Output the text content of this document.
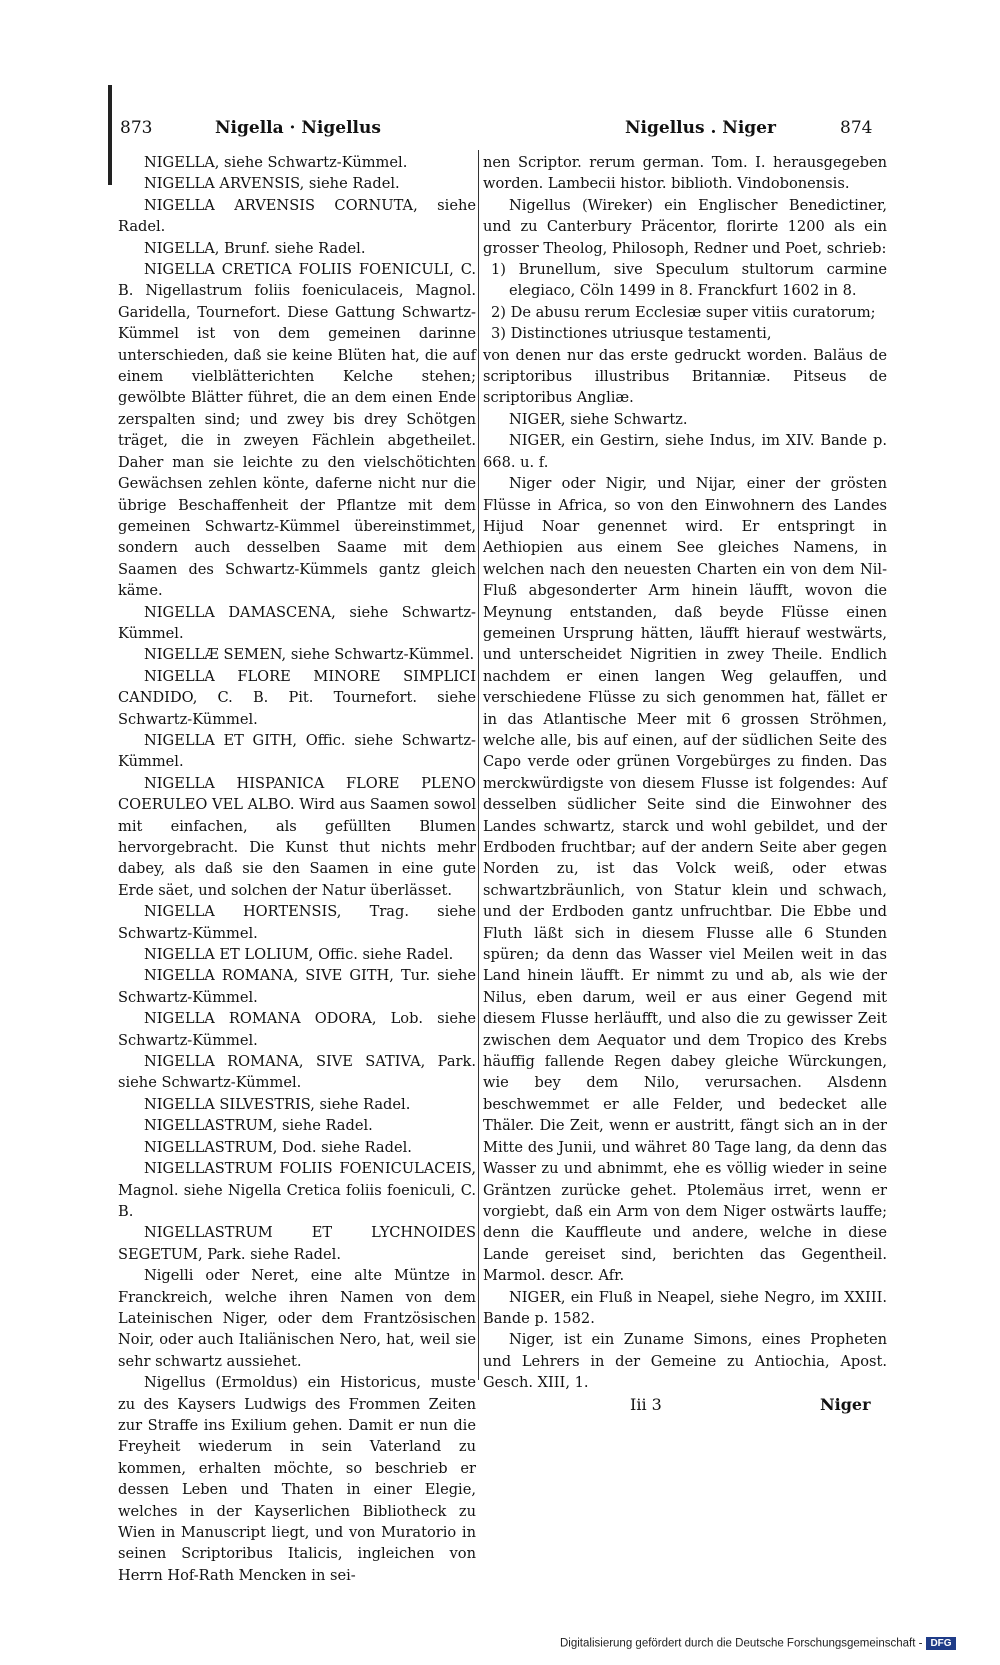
873	Nigella · Nigellus	Nigellus . Niger	874

NIGELLA, siehe Schwartz-Kümmel.

NIGELLA ARVENSIS, siehe Radel.

NIGELLA ARVENSIS CORNUTA, siehe Radel.

NIGELLA, Brunf. siehe Radel.

NIGELLA CRETICA FOLIIS FOENICULI, C. B. Nigellastrum foliis foeniculaceis, Magnol. Garidella, Tournefort. Diese Gattung Schwartz-Kümmel ist von dem gemeinen darinne unterschieden, daß sie keine Blüten hat, die auf einem vielblätterichten Kelche stehen; gewölbte Blätter führet, die an dem einen Ende zerspalten sind; und zwey bis drey Schötgen träget, die in zweyen Fächlein abgetheilet. Daher man sie leichte zu den vielschötichten Gewächsen zehlen könte, daferne nicht nur die übrige Beschaffenheit der Pflantze mit dem gemeinen Schwartz-Kümmel übereinstimmet, sondern auch desselben Saame mit dem Saamen des Schwartz-Kümmels gantz gleich käme.

NIGELLA DAMASCENA, siehe Schwartz-Kümmel.

NIGELLÆ SEMEN, siehe Schwartz-Kümmel.

NIGELLA FLORE MINORE SIMPLICI CANDIDO, C. B. Pit. Tournefort. siehe Schwartz-Kümmel.

NIGELLA ET GITH, Offic. siehe Schwartz-Kümmel.

NIGELLA HISPANICA FLORE PLENO COERULEO VEL ALBO. Wird aus Saamen sowol mit einfachen, als gefüllten Blumen hervorgebracht. Die Kunst thut nichts mehr dabey, als daß sie den Saamen in eine gute Erde säet, und solchen der Natur überlässet.

NIGELLA HORTENSIS, Trag. siehe Schwartz-Kümmel.

NIGELLA ET LOLIUM, Offic. siehe Radel.

NIGELLA ROMANA, SIVE GITH, Tur. siehe Schwartz-Kümmel.

NIGELLA ROMANA ODORA, Lob. siehe Schwartz-Kümmel.

NIGELLA ROMANA, SIVE SATIVA, Park. siehe Schwartz-Kümmel.

NIGELLA SILVESTRIS, siehe Radel.

NIGELLASTRUM, siehe Radel.

NIGELLASTRUM, Dod. siehe Radel.

NIGELLASTRUM FOLIIS FOENICULACEIS, Magnol. siehe Nigella Cretica foliis foeniculi, C. B.

NIGELLASTRUM ET LYCHNOIDES SEGETUM, Park. siehe Radel.

Nigelli oder Neret, eine alte Müntze in Franckreich, welche ihren Namen von dem Lateinischen Niger, oder dem Frantzösischen Noir, oder auch Italiänischen Nero, hat, weil sie sehr schwartz aussiehet.

Nigellus (Ermoldus) ein Historicus, muste zu des Kaysers Ludwigs des Frommen Zeiten zur Straffe ins Exilium gehen. Damit er nun die Freyheit wiederum in sein Vaterland zu kommen, erhalten möchte, so beschrieb er dessen Leben und Thaten in einer Elegie, welches in der Kayserlichen Bibliotheck zu Wien in Manuscript liegt, und von Muratorio in seinen Scriptoribus Italicis, ingleichen von Herrn Hof-Rath Mencken in sei-

nen Scriptor. rerum german. Tom. I. herausgegeben worden. Lambecii histor. biblioth. Vindobonensis.

Nigellus (Wireker) ein Englischer Benedictiner, und zu Canterbury Präcentor, florirte 1200 als ein grosser Theolog, Philosoph, Redner und Poet, schrieb:

1) Brunellum, sive Speculum stultorum carmine elegiaco, Cöln 1499 in 8. Franckfurt 1602 in 8.

2) De abusu rerum Ecclesiæ super vitiis curatorum;

3) Distinctiones utriusque testamenti,

von denen nur das erste gedruckt worden. Baläus de scriptoribus illustribus Britanniæ. Pitseus de scriptoribus Angliæ.

NIGER, siehe Schwartz.

NIGER, ein Gestirn, siehe Indus, im XIV. Bande p. 668. u. f.

Niger oder Nigir, und Nijar, einer der grösten Flüsse in Africa, so von den Einwohnern des Landes Hijud Noar genennet wird. Er entspringt in Aethiopien aus einem See gleiches Namens, in welchen nach den neuesten Charten ein von dem Nil-Fluß abgesonderter Arm hinein läufft, wovon die Meynung entstanden, daß beyde Flüsse einen gemeinen Ursprung hätten, läufft hierauf westwärts, und unterscheidet Nigritien in zwey Theile. Endlich nachdem er einen langen Weg gelauffen, und verschiedene Flüsse zu sich genommen hat, fället er in das Atlantische Meer mit 6 grossen Ströhmen, welche alle, bis auf einen, auf der südlichen Seite des Capo verde oder grünen Vorgebürges zu finden. Das merckwürdigste von diesem Flusse ist folgendes: Auf desselben südlicher Seite sind die Einwohner des Landes schwartz, starck und wohl gebildet, und der Erdboden fruchtbar; auf der andern Seite aber gegen Norden zu, ist das Volck weiß, oder etwas schwartzbräunlich, von Statur klein und schwach, und der Erdboden gantz unfruchtbar. Die Ebbe und Fluth läßt sich in diesem Flusse alle 6 Stunden spüren; da denn das Wasser viel Meilen weit in das Land hinein läufft. Er nimmt zu und ab, als wie der Nilus, eben darum, weil er aus einer Gegend mit diesem Flusse herläufft, und also die zu gewisser Zeit zwischen dem Aequator und dem Tropico des Krebs häuffig fallende Regen dabey gleiche Würckungen, wie bey dem Nilo, verursachen. Alsdenn beschwemmet er alle Felder, und bedecket alle Thäler. Die Zeit, wenn er austritt, fängt sich an in der Mitte des Junii, und währet 80 Tage lang, da denn das Wasser zu und abnimmt, ehe es völlig wieder in seine Gräntzen zurücke gehet. Ptolemäus irret, wenn er vorgiebt, daß ein Arm von dem Niger ostwärts lauffe; denn die Kauffleute und andere, welche in diese Lande gereiset sind, berichten das Gegentheil. Marmol. descr. Afr.

NIGER, ein Fluß in Neapel, siehe Negro, im XXIII. Bande p. 1582.

Niger, ist ein Zuname Simons, eines Propheten und Lehrers in der Gemeine zu Antiochia, Apost. Gesch. XIII, 1.

Iii 3	Niger
Digitalisierung gefördert durch die Deutsche Forschungsgemeinschaft - DFG
